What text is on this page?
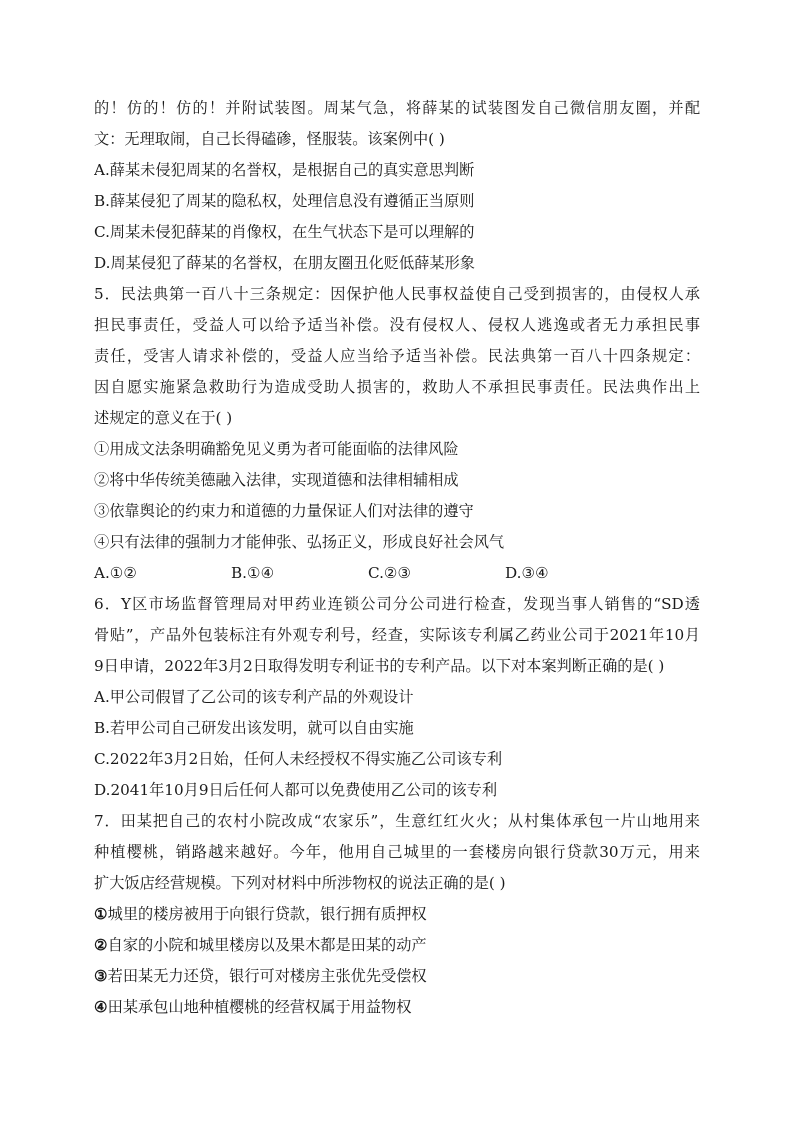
的！仿的！仿的！并附试装图。周某气急，将薛某的试装图发自己微信朋友圈，并配
文：无理取闹，自己长得磕碜，怪服装。该案例中( )
A.薛某未侵犯周某的名誉权，是根据自己的真实意思判断
B.薛某侵犯了周某的隐私权，处理信息没有遵循正当原则
C.周某未侵犯薛某的肖像权，在生气状态下是可以理解的
D.周某侵犯了薛某的名誉权，在朋友圈丑化贬低薛某形象
5．民法典第一百八十三条规定：因保护他人民事权益使自己受到损害的，由侵权人承
担民事责任，受益人可以给予适当补偿。没有侵权人、侵权人逃逸或者无力承担民事
责任，受害人请求补偿的，受益人应当给予适当补偿。民法典第一百八十四条规定：
因自愿实施紧急救助行为造成受助人损害的，救助人不承担民事责任。民法典作出上
述规定的意义在于( )
①用成文法条明确豁免见义勇为者可能面临的法律风险
②将中华传统美德融入法律，实现道德和法律相辅相成
③依靠舆论的约束力和道德的力量保证人们对法律的遵守
④只有法律的强制力才能伸张、弘扬正义，形成良好社会风气
A.①②	B.①④	C.②③	D.③④
6．Y区市场监督管理局对甲药业连锁公司分公司进行检查，发现当事人销售的“SD透
骨贴”，产品外包装标注有外观专利号，经查，实际该专利属乙药业公司于2021年10月
9日申请，2022年3月2日取得发明专利证书的专利产品。以下对本案判断正确的是( )
A.甲公司假冒了乙公司的该专利产品的外观设计
B.若甲公司自己研发出该发明，就可以自由实施
C.2022年3月2日始，任何人未经授权不得实施乙公司该专利
D.2041年10月9日后任何人都可以免费使用乙公司的该专利
7．田某把自己的农村小院改成“农家乐”，生意红红火火；从村集体承包一片山地用来
种植樱桃，销路越来越好。今年，他用自己城里的一套楼房向银行贷款30万元，用来
扩大饭店经营规模。下列对材料中所涉物权的说法正确的是( )
①城里的楼房被用于向银行贷款，银行拥有质押权
②自家的小院和城里楼房以及果木都是田某的动产
③若田某无力还贷，银行可对楼房主张优先受偿权
④田某承包山地种植樱桃的经营权属于用益物权
